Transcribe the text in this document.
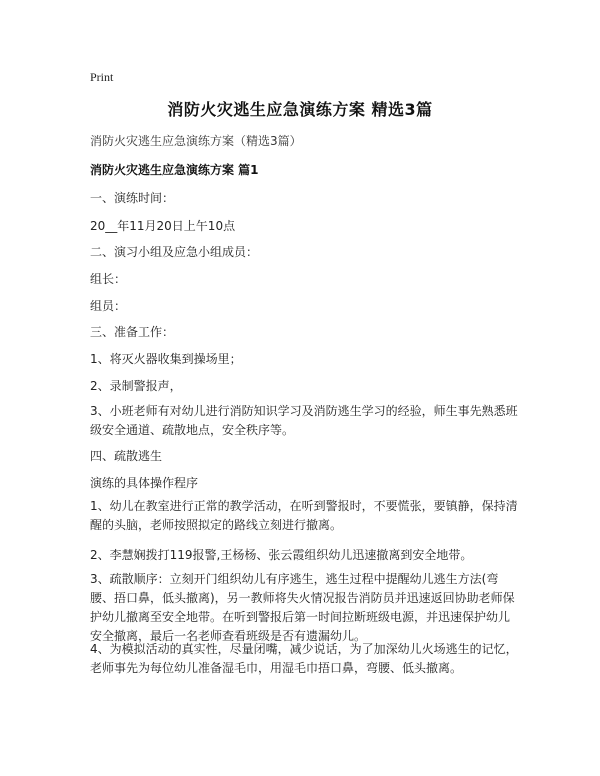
Print
消防火灾逃生应急演练方案 精选3篇
消防火灾逃生应急演练方案（精选3篇）
消防火灾逃生应急演练方案 篇1
一、演练时间：
20__年11月20日上午10点
二、演习小组及应急小组成员：
组长：
组员：
三、准备工作：
1、将灭火器收集到操场里；
2、录制警报声，
3、小班老师有对幼儿进行消防知识学习及消防逃生学习的经验，师生事先熟悉班级安全通道、疏散地点，安全秩序等。
四、疏散逃生
演练的具体操作程序
1、幼儿在教室进行正常的教学活动，在听到警报时，不要慌张，要镇静，保持清醒的头脑，老师按照拟定的路线立刻进行撤离。
2、李慧娴拨打119报警,王杨杨、张云霞组织幼儿迅速撤离到安全地带。
3、疏散顺序：立刻开门组织幼儿有序逃生，逃生过程中提醒幼儿逃生方法(弯腰、捂口鼻，低头撤离)，另一教师将失火情况报告消防员并迅速返回协助老师保护幼儿撤离至安全地带。在听到警报后第一时间拉断班级电源，并迅速保护幼儿安全撤离，最后一名老师查看班级是否有遗漏幼儿。
4、为模拟活动的真实性，尽量闭嘴，减少说话，为了加深幼儿火场逃生的记忆，老师事先为每位幼儿准备湿毛巾，用湿毛巾捂口鼻，弯腰、低头撤离。
